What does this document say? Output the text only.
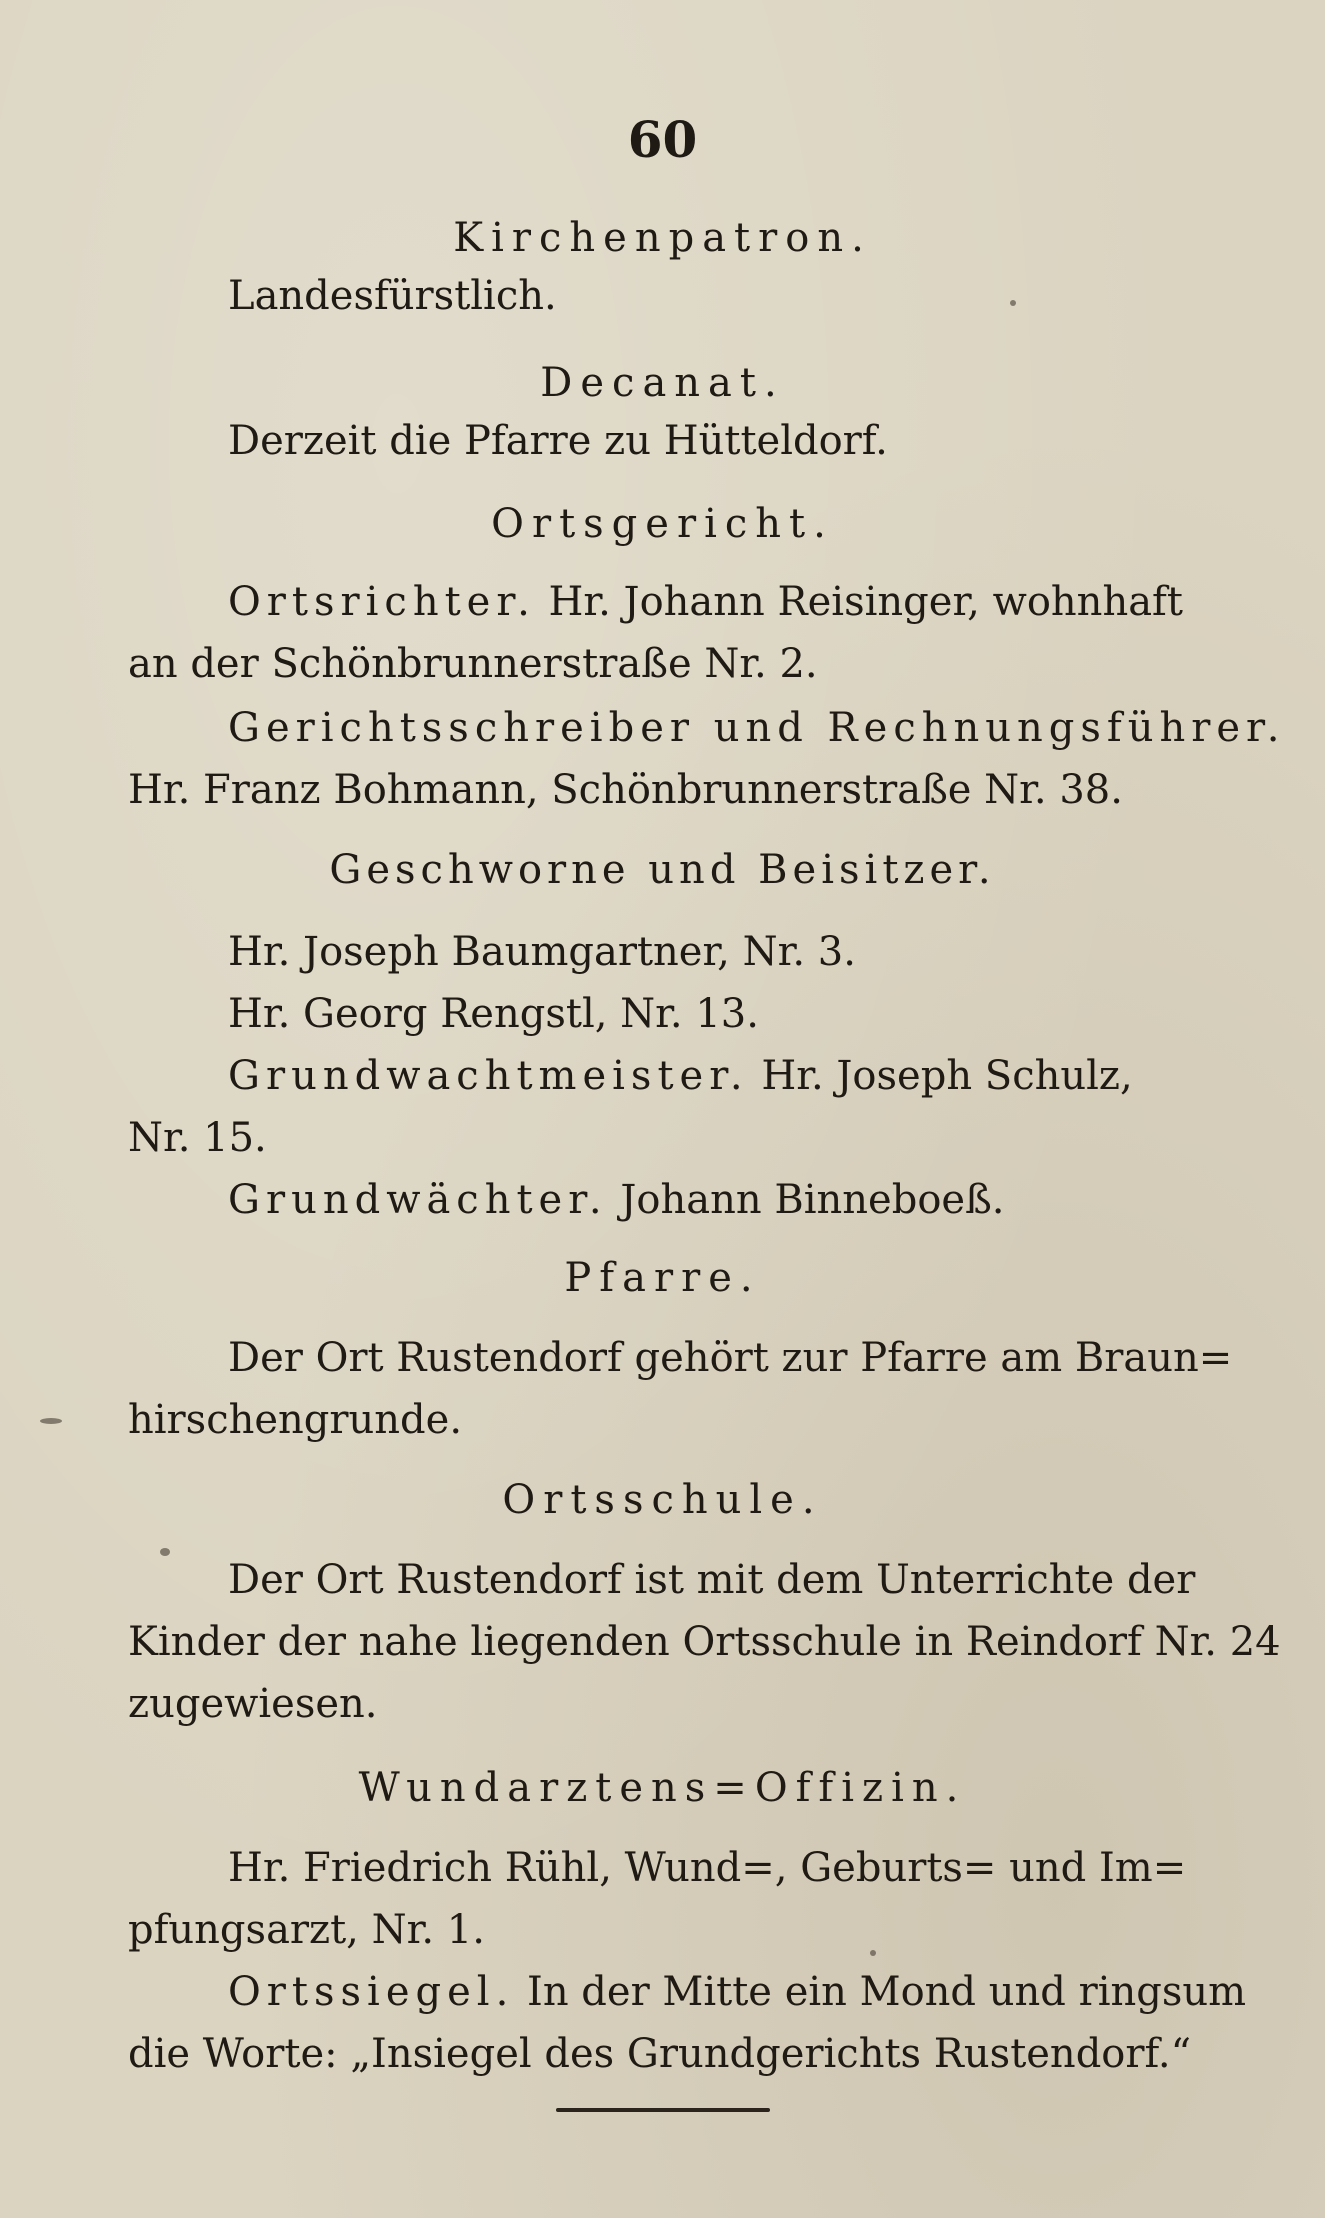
60
Kirchenpatron.
Landesfürstlich.
Decanat.
Derzeit die Pfarre zu Hütteldorf.
Ortsgericht.
Ortsrichter. Hr. Johann Reisinger, wohnhaft
an der Schönbrunnerstraße Nr. 2.
Gerichtsschreiber und Rechnungsführer.
Hr. Franz Bohmann, Schönbrunnerstraße Nr. 38.
Geschworne und Beisitzer.
Hr. Joseph Baumgartner, Nr. 3.
Hr. Georg Rengstl, Nr. 13.
Grundwachtmeister. Hr. Joseph Schulz,
Nr. 15.
Grundwächter. Johann Binneboeß.
Pfarre.
Der Ort Rustendorf gehört zur Pfarre am Braun=
hirschengrunde.
Ortsschule.
Der Ort Rustendorf ist mit dem Unterrichte der
Kinder der nahe liegenden Ortsschule in Reindorf Nr. 24
zugewiesen.
Wundarztens=Offizin.
Hr. Friedrich Rühl, Wund=, Geburts= und Im=
pfungsarzt, Nr. 1.
Ortssiegel. In der Mitte ein Mond und ringsum
die Worte: „Insiegel des Grundgerichts Rustendorf.“
